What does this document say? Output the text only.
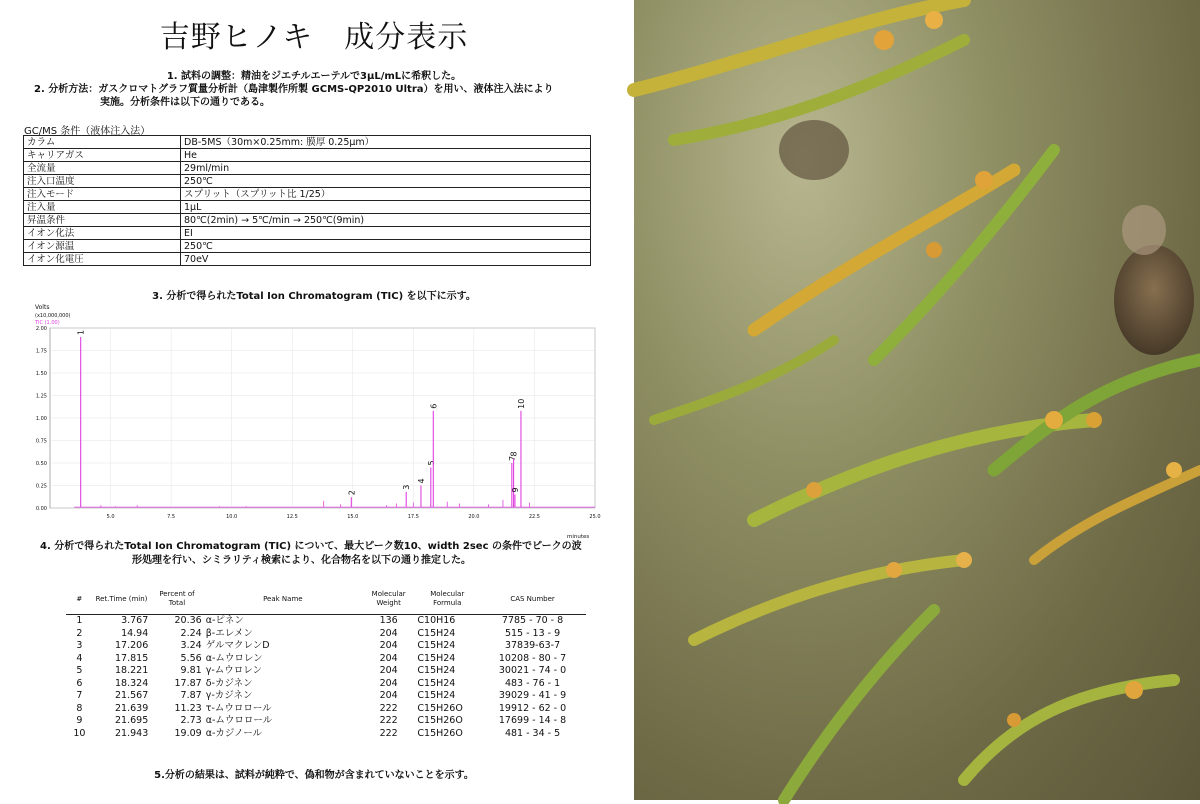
吉野ヒノキ　成分表示
1. 試料の調整：精油をジエチルエーテルで3μL/mLに希釈した。
2. 分析方法：ガスクロマトグラフ質量分析計（島津製作所製 GCMS-QP2010 Ultra）を用い、液体注入法により
実施。分析条件は以下の通りである。
GC/MS 条件（液体注入法）
カラム	DB-5MS（30m×0.25mm: 膜厚 0.25μm）
キャリアガス	He
全流量	29ml/min
注入口温度	250℃
注入モード	スプリット（スプリット比 1/25）
注入量	1μL
昇温条件	80℃(2min) → 5℃/min → 250℃(9min)
イオン化法	EI
イオン源温	250℃
イオン化電圧	70eV
3. 分析で得られたTotal Ion Chromatogram (TIC) を以下に示す。
Volts
(x10,000,000)
TIC (1.00)
minutes
0.00
0.25
0.50
0.75
1.00
1.25
1.50
1.75
2.00
5.0	7.5	10.0	12.5	15.0	17.5	20.0	22.5	25.0
1
2
3
4
5
6
7
8
9
10
4. 分析で得られたTotal Ion Chromatogram (TIC) について、最大ピーク数10、width 2sec の条件でピークの波
形処理を行い、シミラリティ検索により、化合物名を以下の通り推定した。
#	Ret.Time (min)	Percent of Total	Peak Name	Molecular Weight	Molecular Formula	CAS Number
1	3.767	20.36	α-ピネン	136	C10H16	7785 - 70 - 8
2	14.94	2.24	β-エレメン	204	C15H24	515 - 13 - 9
3	17.206	3.24	ゲルマクレンD	204	C15H24	37839-63-7
4	17.815	5.56	α-ムウロレン	204	C15H24	10208 - 80 - 7
5	18.221	9.81	γ-ムウロレン	204	C15H24	30021 - 74 - 0
6	18.324	17.87	δ-カジネン	204	C15H24	483 - 76 - 1
7	21.567	7.87	γ-カジネン	204	C15H24	39029 - 41 - 9
8	21.639	11.23	τ-ムウロロール	222	C15H26O	19912 - 62 - 0
9	21.695	2.73	α-ムウロロール	222	C15H26O	17699 - 14 - 8
10	21.943	19.09	α-カジノール	222	C15H26O	481 - 34 - 5
5.分析の結果は、試料が純粋で、偽和物が含まれていないことを示す。
